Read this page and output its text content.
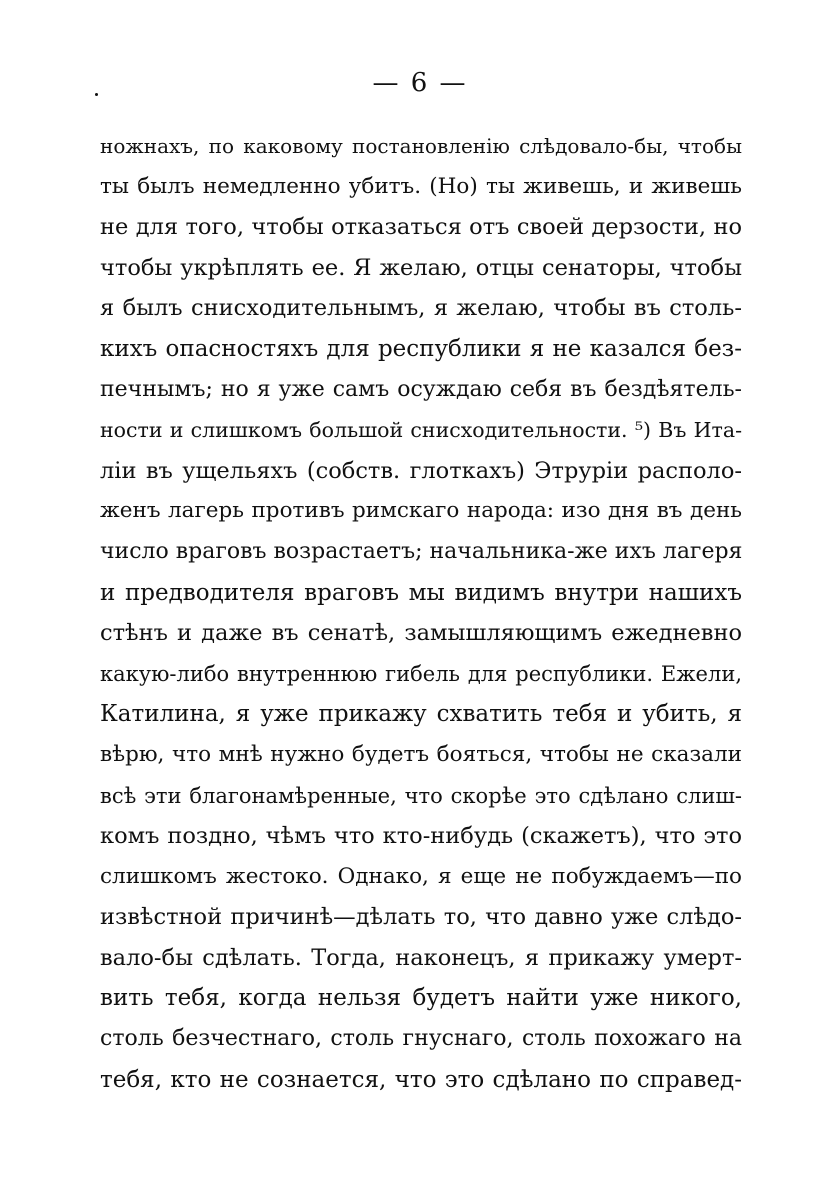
— 6 —
ножнахъ, по каковому постановленію слѣдовало-бы, чтобы
ты былъ немедленно убитъ. (Но) ты живешь, и живешь
не для того, чтобы отказаться отъ своей дерзости, но
чтобы укрѣплять ее. Я желаю, отцы сенаторы, чтобы
я былъ снисходительнымъ, я желаю, чтобы въ столь-
кихъ опасностяхъ для республики я не казался без-
печнымъ; но я уже самъ осуждаю себя въ бездѣятель-
ности и слишкомъ большой снисходительности. ⁵) Въ Ита-
ліи въ ущельяхъ (собств. глоткахъ) Этруріи располо-
женъ лагерь противъ римскаго народа: изо дня въ день
число враговъ возрастаетъ; начальника-же ихъ лагеря
и предводителя враговъ мы видимъ внутри нашихъ
стѣнъ и даже въ сенатѣ, замышляющимъ ежедневно
какую-либо внутреннюю гибель для республики. Ежели,
Катилина, я уже прикажу схватить тебя и убить, я
вѣрю, что мнѣ нужно будетъ бояться, чтобы не сказали
всѣ эти благонамѣренные, что скорѣе это сдѣлано слиш-
комъ поздно, чѣмъ что кто-нибудь (скажетъ), что это
слишкомъ жестоко. Однако, я еще не побуждаемъ—по
извѣстной причинѣ—дѣлать то, что давно уже слѣдо-
вало-бы сдѣлать. Тогда, наконецъ, я прикажу умерт-
вить тебя, когда нельзя будетъ найти уже никого,
столь безчестнаго, столь гнуснаго, столь похожаго на
тебя, кто не сознается, что это сдѣлано по справед-
